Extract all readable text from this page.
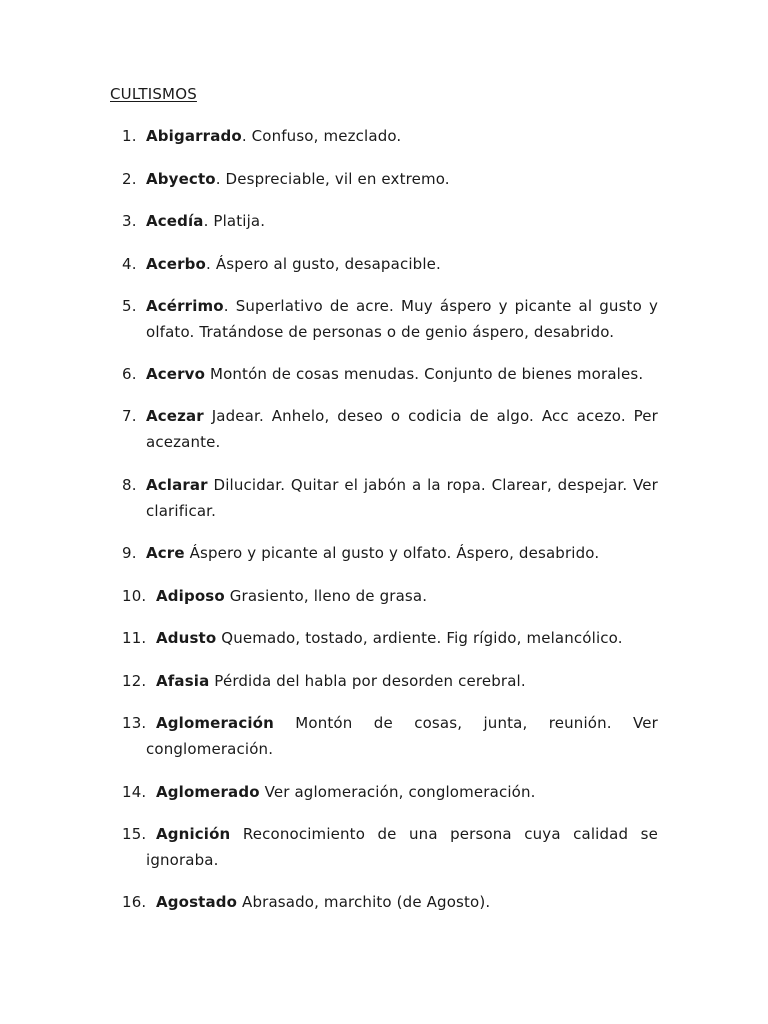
CULTISMOS
1. Abigarrado. Confuso, mezclado.
2. Abyecto. Despreciable, vil en extremo.
3. Acedía. Platija.
4. Acerbo. Áspero al gusto, desapacible.
5. Acérrimo. Superlativo de acre. Muy áspero y picante al gusto y olfato. Tratándose de personas o de genio áspero, desabrido.
6. Acervo Montón de cosas menudas. Conjunto de bienes morales.
7. Acezar Jadear. Anhelo, deseo o codicia de algo. Acc acezo. Per acezante.
8. Aclarar Dilucidar. Quitar el jabón a la ropa. Clarear, despejar. Ver clarificar.
9. Acre Áspero y picante al gusto y olfato. Áspero, desabrido.
10. Adiposo Grasiento, lleno de grasa.
11. Adusto Quemado, tostado, ardiente. Fig rígido, melancólico.
12. Afasia Pérdida del habla por desorden cerebral.
13. Aglomeración Montón de cosas, junta, reunión. Ver conglomeración.
14. Aglomerado Ver aglomeración, conglomeración.
15. Agnición Reconocimiento de una persona cuya calidad se ignoraba.
16. Agostado Abrasado, marchito (de Agosto).
